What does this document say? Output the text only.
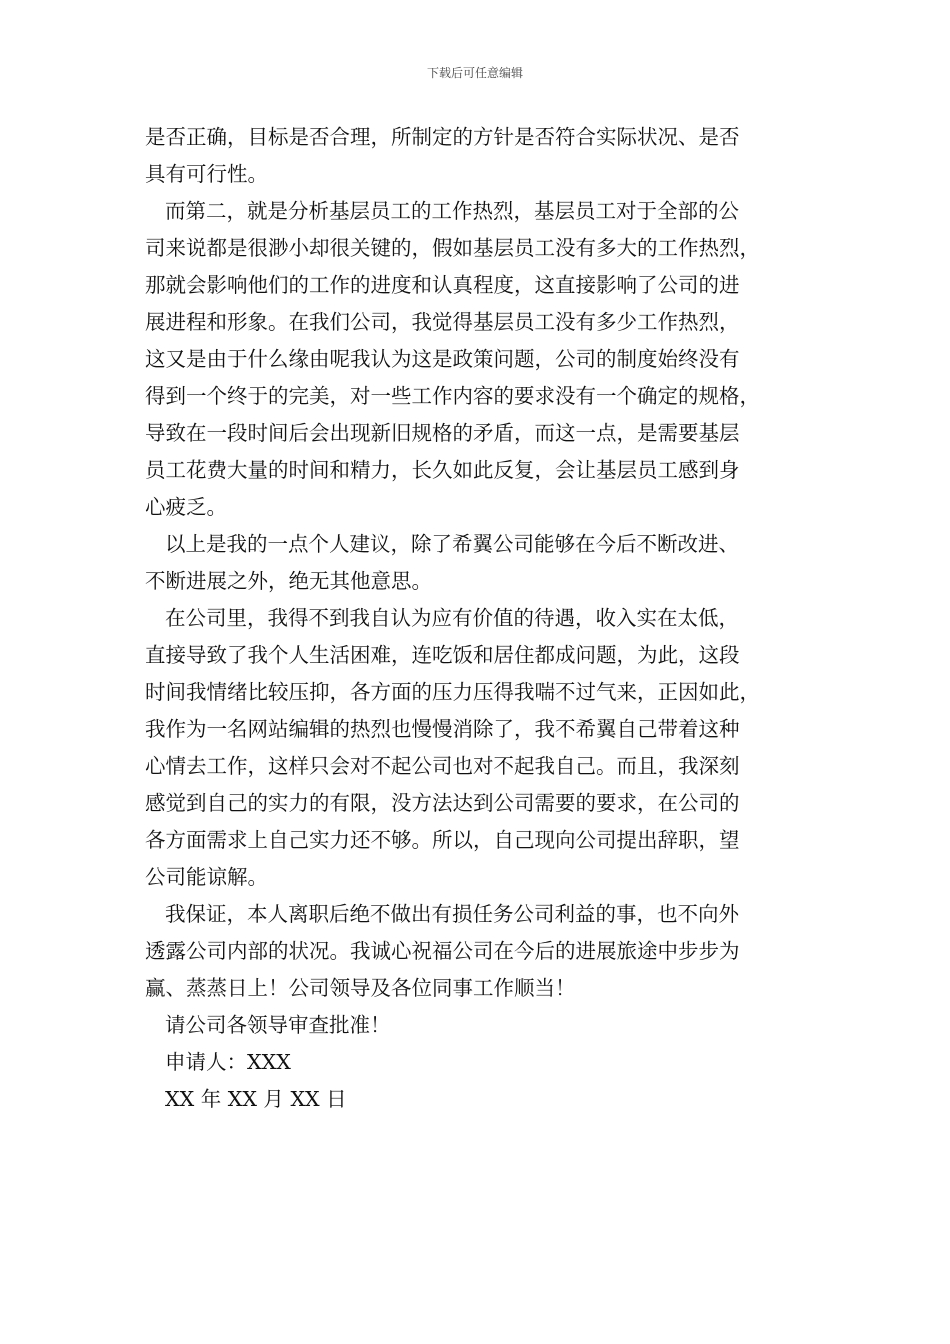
下载后可任意编辑
是否正确，目标是否合理，所制定的方针是否符合实际状况、是否
具有可行性。
而第二，就是分析基层员工的工作热烈，基层员工对于全部的公
司来说都是很渺小却很关键的，假如基层员工没有多大的工作热烈，
那就会影响他们的工作的进度和认真程度，这直接影响了公司的进
展进程和形象。在我们公司，我觉得基层员工没有多少工作热烈，
这又是由于什么缘由呢我认为这是政策问题，公司的制度始终没有
得到一个终于的完美，对一些工作内容的要求没有一个确定的规格，
导致在一段时间后会出现新旧规格的矛盾，而这一点，是需要基层
员工花费大量的时间和精力，长久如此反复，会让基层员工感到身
心疲乏。
以上是我的一点个人建议，除了希翼公司能够在今后不断改进、
不断进展之外，绝无其他意思。
在公司里，我得不到我自认为应有价值的待遇，收入实在太低，
直接导致了我个人生活困难，连吃饭和居住都成问题，为此，这段
时间我情绪比较压抑，各方面的压力压得我喘不过气来，正因如此，
我作为一名网站编辑的热烈也慢慢消除了，我不希翼自己带着这种
心情去工作，这样只会对不起公司也对不起我自己。而且，我深刻
感觉到自己的实力的有限，没方法达到公司需要的要求，在公司的
各方面需求上自己实力还不够。所以，自己现向公司提出辞职，望
公司能谅解。
我保证，本人离职后绝不做出有损任务公司利益的事，也不向外
透露公司内部的状况。我诚心祝福公司在今后的进展旅途中步步为
赢、蒸蒸日上！公司领导及各位同事工作顺当！
请公司各领导审查批准！
申请人：XXX
XX 年 XX 月 XX 日
